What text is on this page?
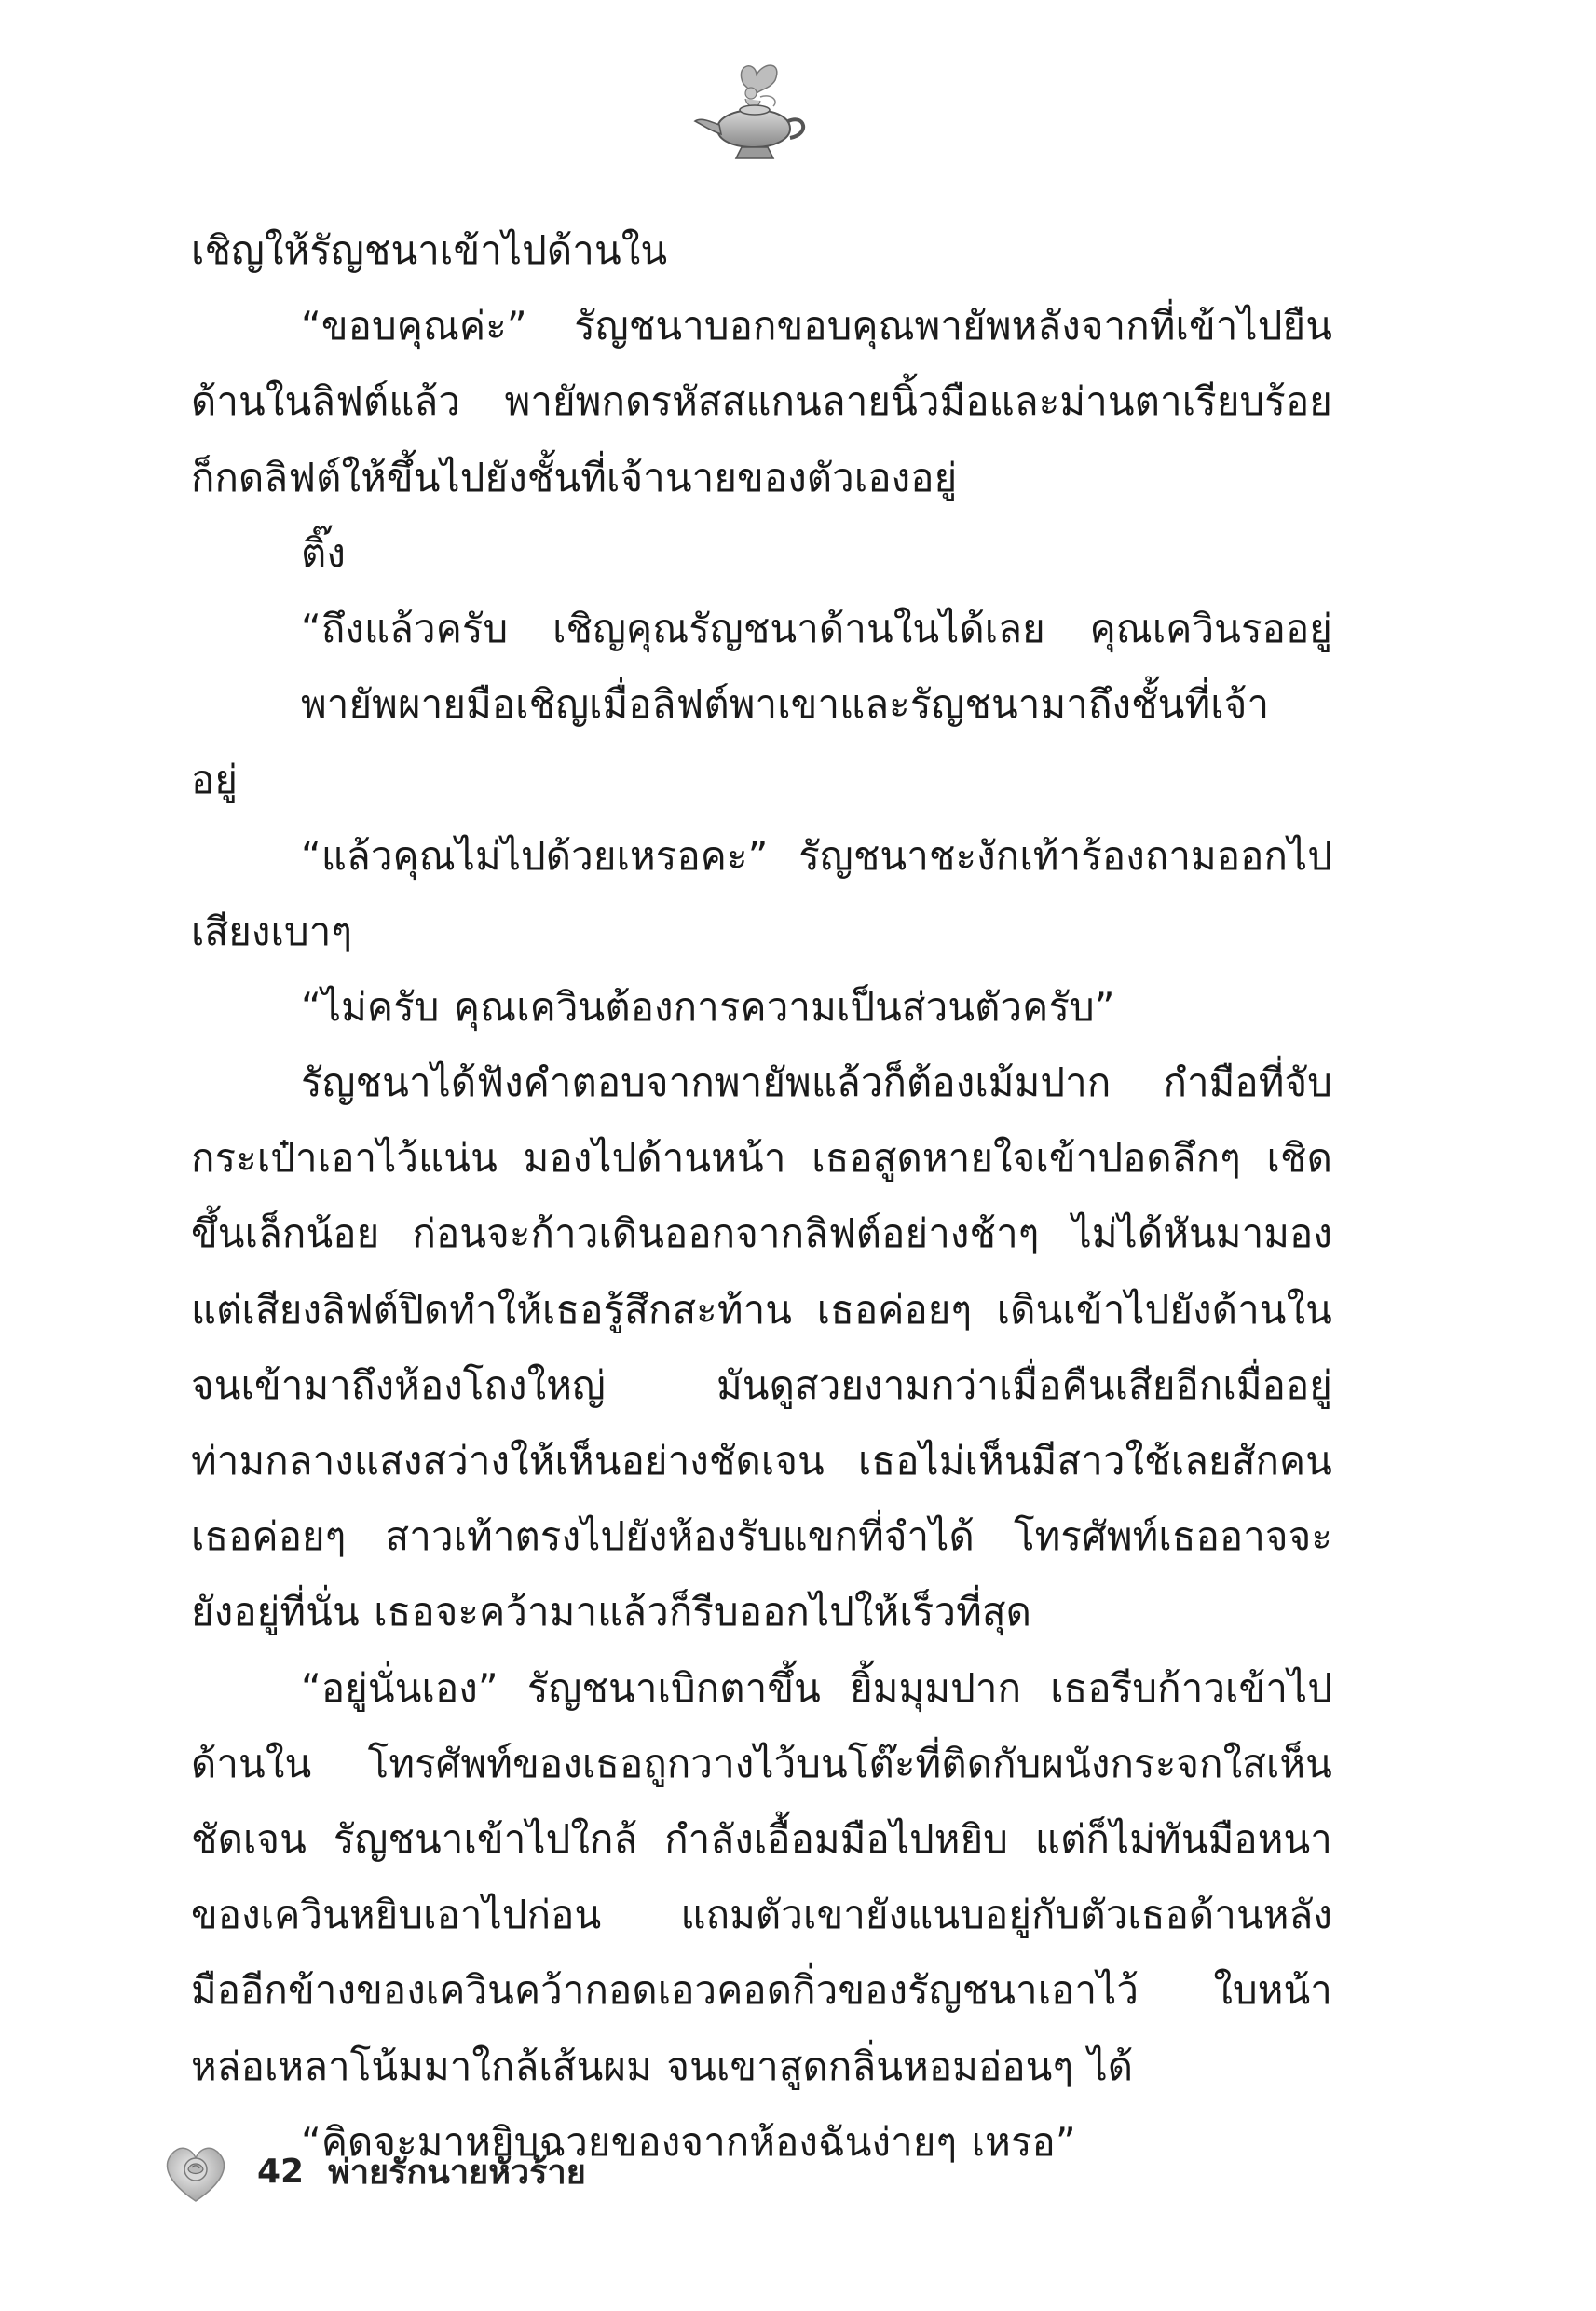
เชิญให้รัญชนาเข้าไปด้านใน
“ขอบคุณค่ะ” รัญชนาบอกขอบคุณพายัพหลังจากที่เข้าไปยืน
ด้านในลิฟต์แล้ว พายัพกดรหัสสแกนลายนิ้วมือและม่านตาเรียบร้อย
ก็กดลิฟต์ให้ขึ้นไปยังชั้นที่เจ้านายของตัวเองอยู่
ติ๊ง
“ถึงแล้วครับ เชิญคุณรัญชนาด้านในได้เลย คุณเควินรออยู่
พายัพผายมือเชิญเมื่อลิฟต์พาเขาและรัญชนามาถึงชั้นที่เจ้า
อยู่
“แล้วคุณไม่ไปด้วยเหรอคะ” รัญชนาชะงักเท้าร้องถามออกไป
เสียงเบาๆ
“ไม่ครับ คุณเควินต้องการความเป็นส่วนตัวครับ”
รัญชนาได้ฟังคำตอบจากพายัพแล้วก็ต้องเม้มปาก กำมือที่จับ
กระเป๋าเอาไว้แน่น มองไปด้านหน้า เธอสูดหายใจเข้าปอดลึกๆ เชิด
ขึ้นเล็กน้อย ก่อนจะก้าวเดินออกจากลิฟต์อย่างช้าๆ ไม่ได้หันมามอง
แต่เสียงลิฟต์ปิดทำให้เธอรู้สึกสะท้าน เธอค่อยๆ เดินเข้าไปยังด้านใน
จนเข้ามาถึงห้องโถงใหญ่ มันดูสวยงามกว่าเมื่อคืนเสียอีกเมื่ออยู่
ท่ามกลางแสงสว่างให้เห็นอย่างชัดเจน เธอไม่เห็นมีสาวใช้เลยสักคน
เธอค่อยๆ สาวเท้าตรงไปยังห้องรับแขกที่จำได้ โทรศัพท์เธออาจจะ
ยังอยู่ที่นั่น เธอจะคว้ามาแล้วก็รีบออกไปให้เร็วที่สุด
“อยู่นั่นเอง” รัญชนาเบิกตาขึ้น ยิ้มมุมปาก เธอรีบก้าวเข้าไป
ด้านใน โทรศัพท์ของเธอถูกวางไว้บนโต๊ะที่ติดกับผนังกระจกใสเห็น
ชัดเจน รัญชนาเข้าไปใกล้ กำลังเอื้อมมือไปหยิบ แต่ก็ไม่ทันมือหนา
ของเควินหยิบเอาไปก่อน แถมตัวเขายังแนบอยู่กับตัวเธอด้านหลัง
มืออีกข้างของเควินคว้ากอดเอวคอดกิ่วของรัญชนาเอาไว้ ใบหน้า
หล่อเหลาโน้มมาใกล้เส้นผม จนเขาสูดกลิ่นหอมอ่อนๆ ได้
“คิดจะมาหยิบฉวยของจากห้องฉันง่ายๆ เหรอ”
42 พ่ายรักนายหัวร้าย
